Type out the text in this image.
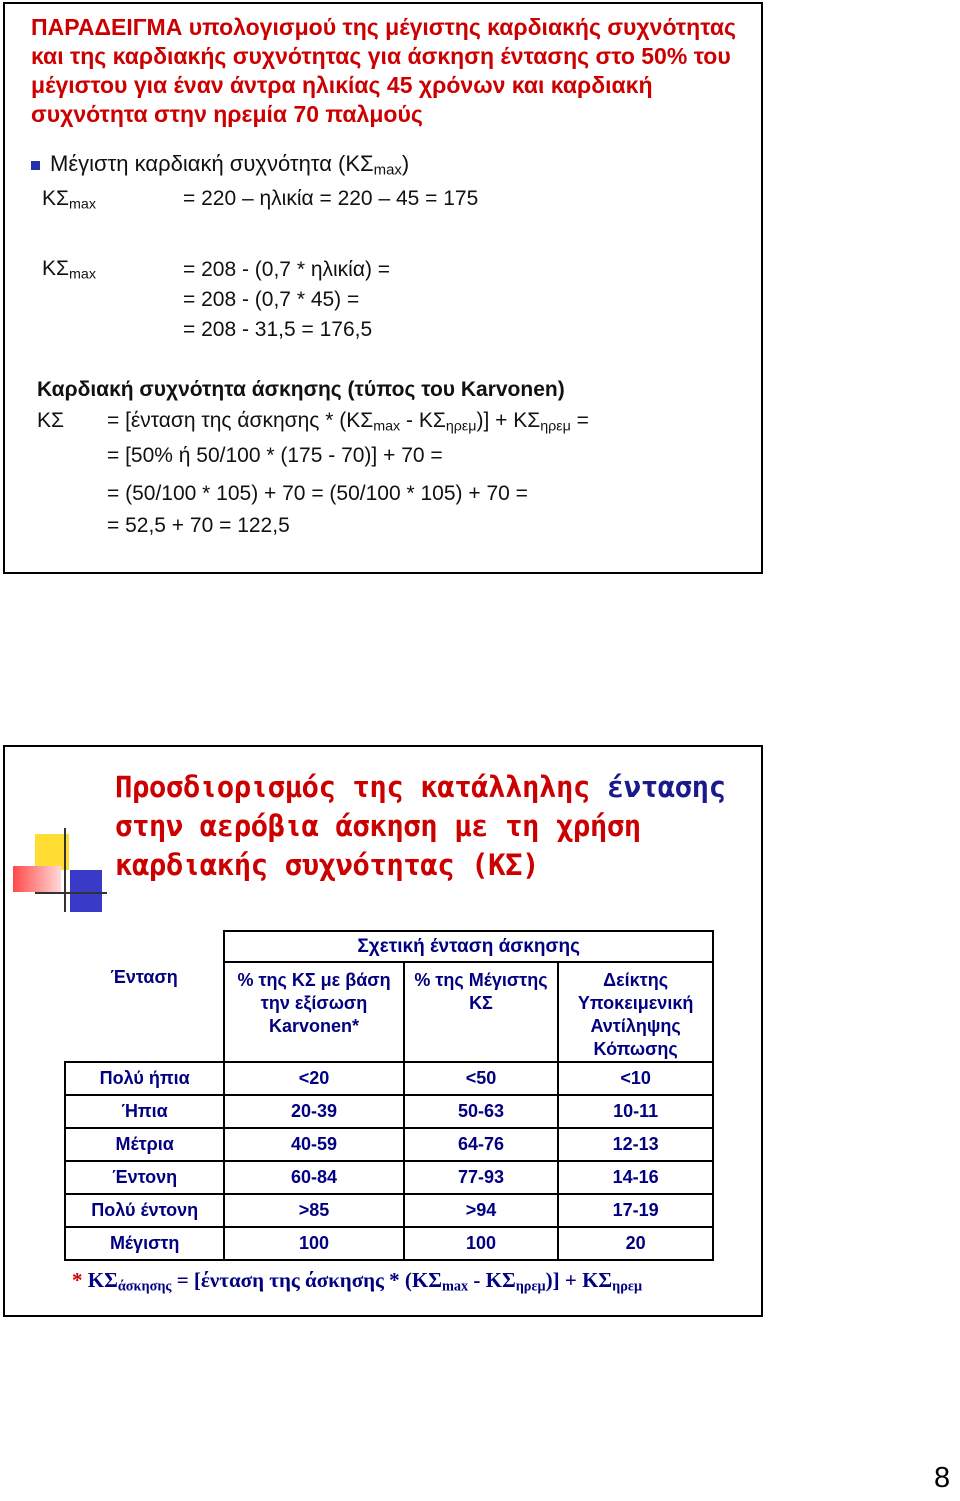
ΠΑΡΑΔΕΙΓΜΑ υπολογισμού της μέγιστης καρδιακής συχνότητας
και της καρδιακής συχνότητας για άσκηση έντασης στο 50% του
μέγιστου για έναν άντρα ηλικίας 45 χρόνων και καρδιακή
συχνότητα στην ηρεμία 70 παλμούς
Μέγιστη καρδιακή συχνότητα $(K\Sigma_{max})$
$K\Sigma_{max}$	= 220 – ηλικία = 220 – 45 = 175
$K\Sigma_{max}$	= 208 - (0,7 * ηλικία) =
= 208 - (0,7 * 45) =
= 208 - 31,5 = 176,5
Καρδιακή συχνότητα άσκησης (τύπος του Karvonen)
ΚΣ = [ένταση της $ά\sigma\kappa\eta\sigma\eta\varsigma * (K\Sigma_{max} - K\Sigma_{\eta\rho\varepsilon\mu})] + K\Sigma_{\eta\rho\varepsilon\mu}$ =
= [50% ή 50/100 * (175 - 70)] + 70 =
= (50/100 * 105) + 70 = (50/100 * 105) + 70 =
= 52,5 + 70 = 122,5
Προσδιορισμός της κατάλληλης έντασης
στην αερόβια άσκηση με τη χρήση
καρδιακής συχνότητας (ΚΣ)
Ένταση	Σχετική ένταση άσκησης		
	% της ΚΣ με βάση την εξίσωση Karvonen*	% της Μέγιστης ΚΣ	Δείκτης Υποκειμενική Αντίληψης Κόπωσης
Πολύ ήπια	<20	<50	<10
Ήπια	20-39	50-63	10-11
Μέτρια	40-59	64-76	12-13
Έντονη	60-84	77-93	14-16
Πολύ έντονη	>85	>94	17-19
Μέγιστη	100	100	20
* $K\Sigma_{ά\sigma\kappa\eta\sigma\eta\varsigma} = [έ\nu\tau\alpha\sigma\eta$ της $ά\sigma\kappa\eta\sigma\eta\varsigma * (K\Sigma_{max} - K\Sigma_{\eta\rho\varepsilon\mu})] + K\Sigma_{\eta\rho\varepsilon\mu}$
8
